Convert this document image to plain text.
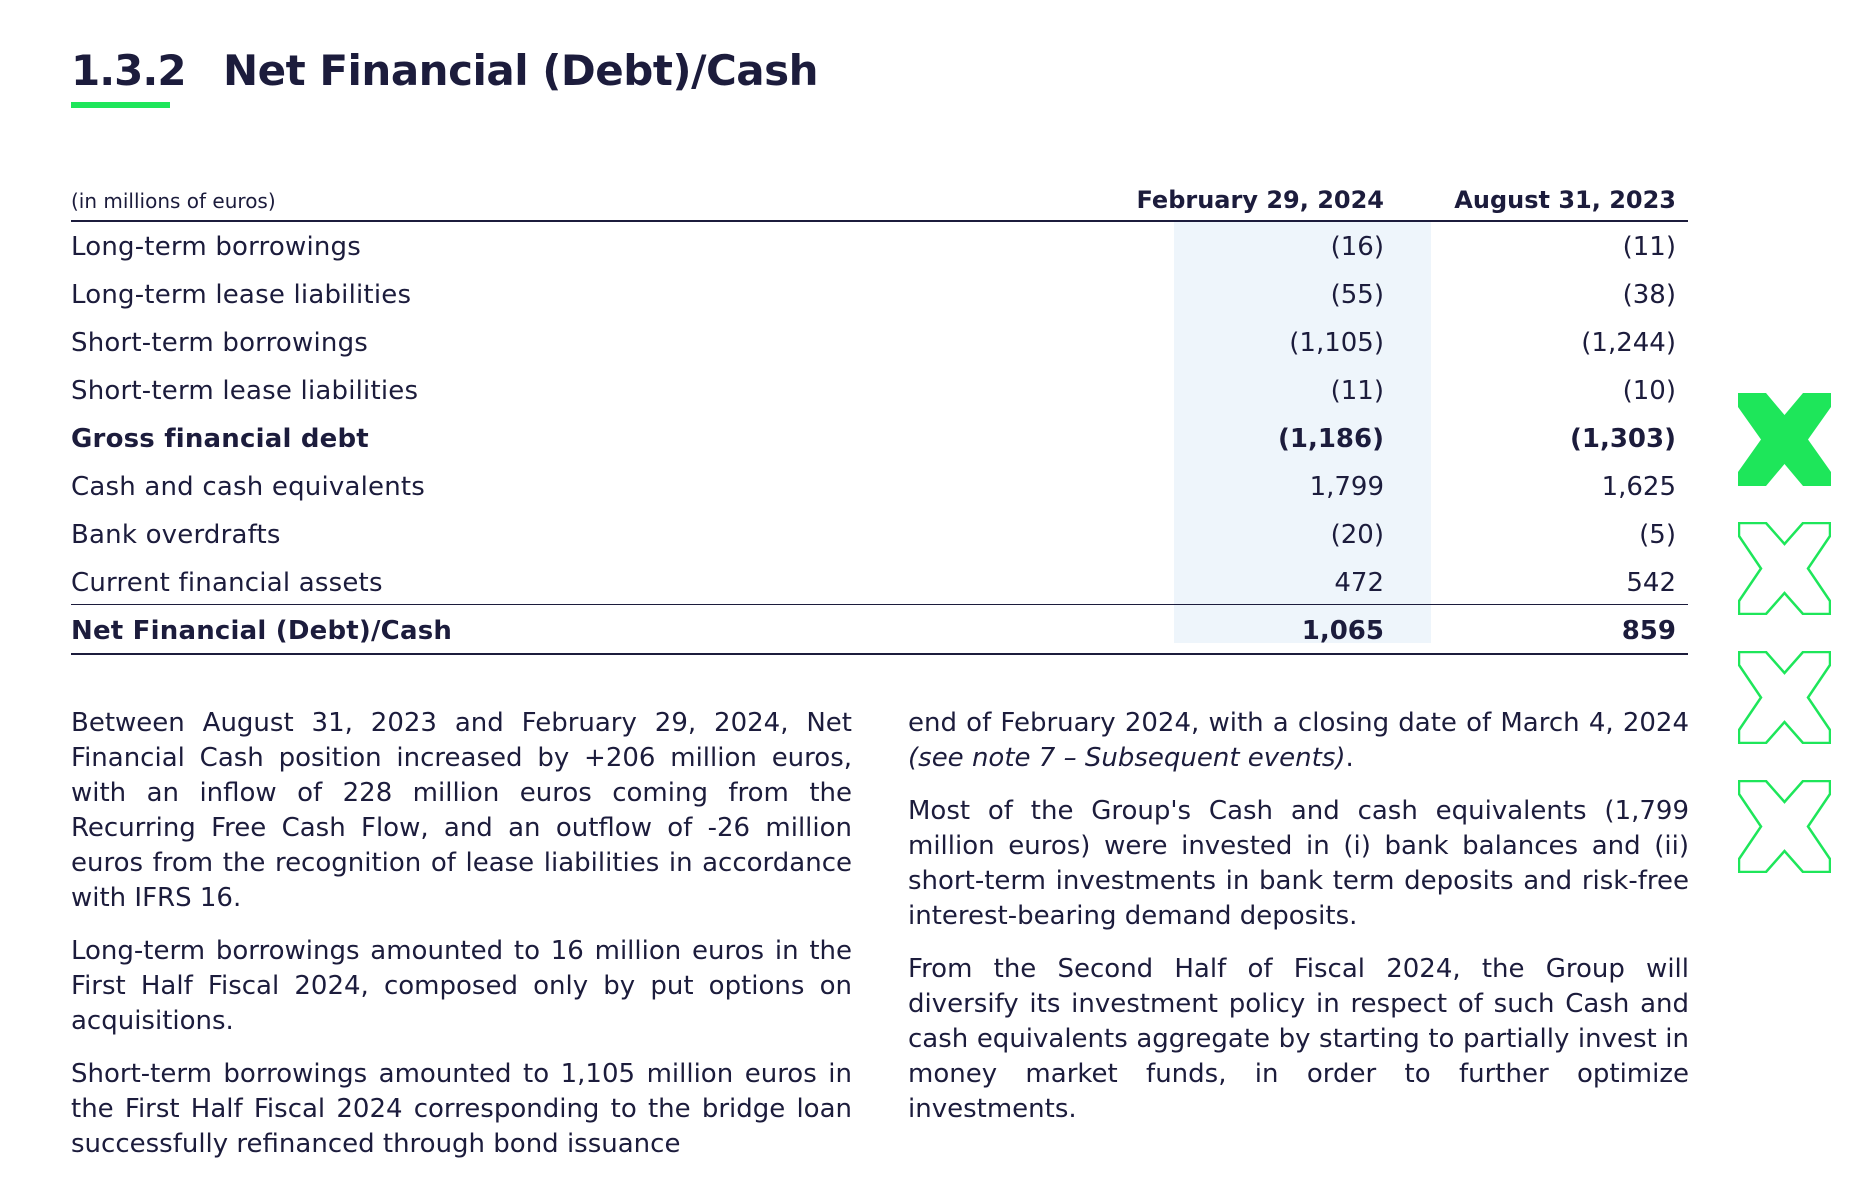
1.3.2 Net Financial (Debt)/Cash
(in millions of euros)	February 29, 2024	August 31, 2023
Long-term borrowings	(16)	(11)
Long-term lease liabilities	(55)	(38)
Short-term borrowings	(1,105)	(1,244)
Short-term lease liabilities	(11)	(10)
Gross financial debt	(1,186)	(1,303)
Cash and cash equivalents	1,799	1,625
Bank overdrafts	(20)	(5)
Current financial assets	472	542
Net Financial (Debt)/Cash	1,065	859

Between August 31, 2023 and February 29, 2024, Net Financial Cash position increased by +206 million euros, with an inflow of 228 million euros coming from the Recurring Free Cash Flow, and an outflow of -26 million euros from the recognition of lease liabilities in accordance with IFRS 16.

Long-term borrowings amounted to 16 million euros in the First Half Fiscal 2024, composed only by put options on acquisitions.

Short-term borrowings amounted to 1,105 million euros in the First Half Fiscal 2024 corresponding to the bridge loan successfully refinanced through bond issuance

end of February 2024, with a closing date of March 4, 2024 (see note 7 – Subsequent events).

Most of the Group's Cash and cash equivalents (1,799 million euros) were invested in (i) bank balances and (ii) short-term investments in bank term deposits and risk-free interest-bearing demand deposits.

From the Second Half of Fiscal 2024, the Group will diversify its investment policy in respect of such Cash and cash equivalents aggregate by starting to partially invest in money market funds, in order to further optimize investments.
